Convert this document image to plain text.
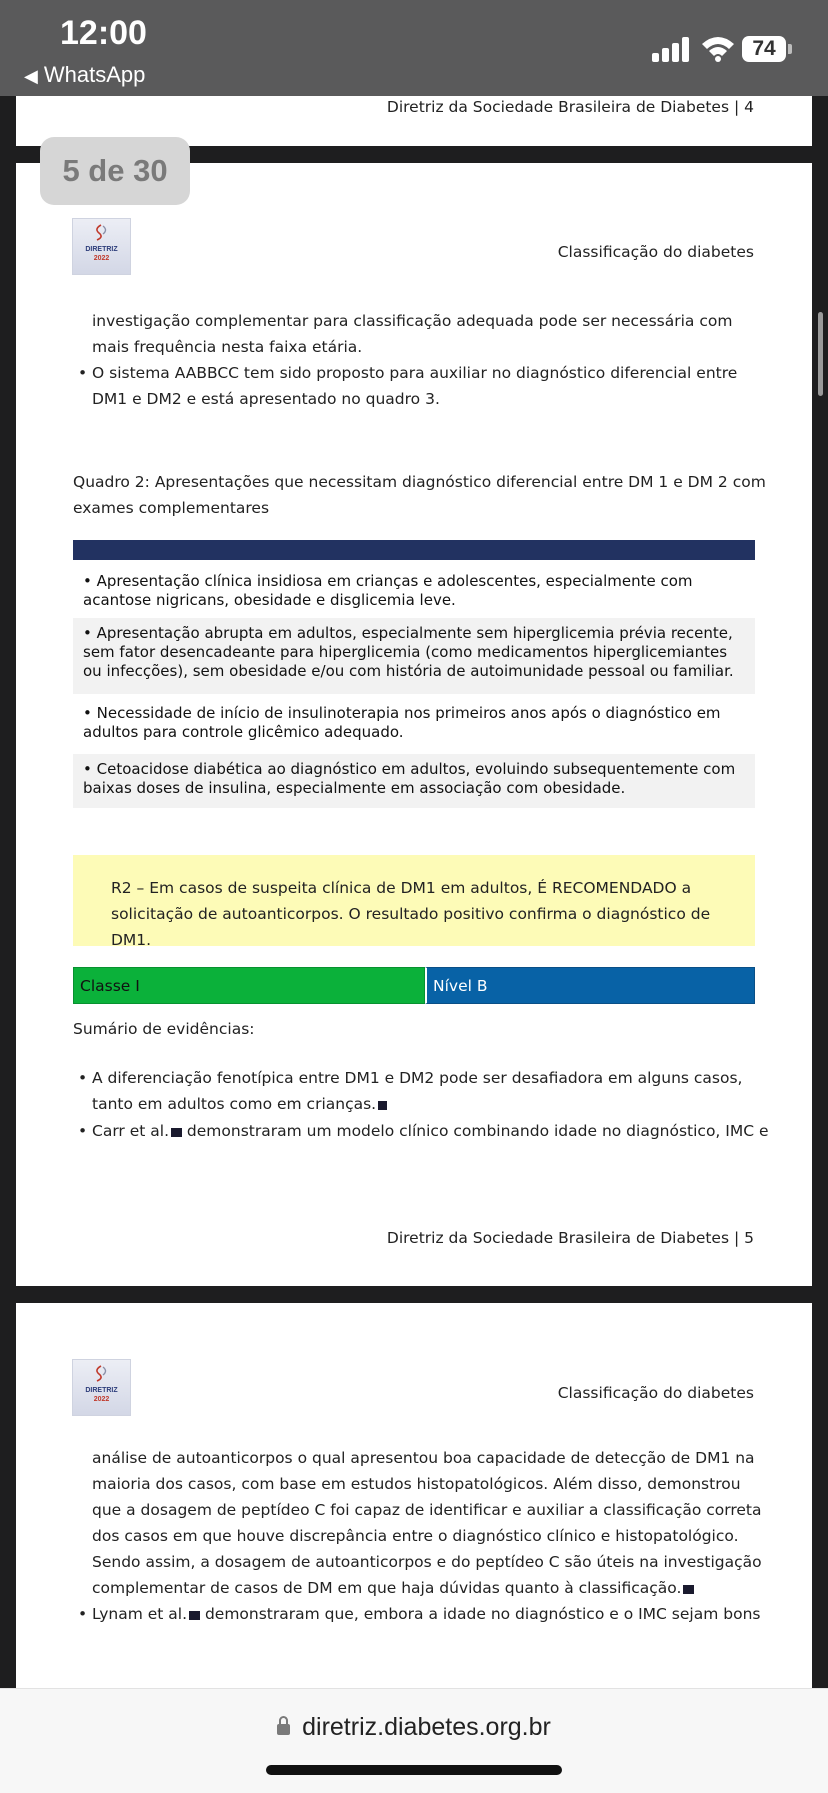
12:00
◀ WhatsApp
74
Diretriz da Sociedade Brasileira de Diabetes | 4
DIRETRIZ
2022	Classificação do diabetes
investigação complementar para classificação adequada pode ser necessária com mais frequência nesta faixa etária.
• O sistema AABBCC tem sido proposto para auxiliar no diagnóstico diferencial entre DM1 e DM2 e está apresentado no quadro 3.
Quadro 2: Apresentações que necessitam diagnóstico diferencial entre DM 1 e DM 2 com exames complementares
• Apresentação clínica insidiosa em crianças e adolescentes, especialmente com acantose nigricans, obesidade e disglicemia leve.
• Apresentação abrupta em adultos, especialmente sem hiperglicemia prévia recente, sem fator desencadeante para hiperglicemia (como medicamentos hiperglicemiantes ou infecções), sem obesidade e/ou com história de autoimunidade pessoal ou familiar.
• Necessidade de início de insulinoterapia nos primeiros anos após o diagnóstico em adultos para controle glicêmico adequado.
• Cetoacidose diabética ao diagnóstico em adultos, evoluindo subsequentemente com baixas doses de insulina, especialmente em associação com obesidade.
R2 – Em casos de suspeita clínica de DM1 em adultos, É RECOMENDADO a solicitação de autoanticorpos. O resultado positivo confirma o diagnóstico de DM1.
Classe I	Nível B
Sumário de evidências:
• A diferenciação fenotípica entre DM1 e DM2 pode ser desafiadora em alguns casos, tanto em adultos como em crianças.
• Carr et al. demonstraram um modelo clínico combinando idade no diagnóstico, IMC e
Diretriz da Sociedade Brasileira de Diabetes | 5
5 de 30
DIRETRIZ
2022	Classificação do diabetes
análise de autoanticorpos o qual apresentou boa capacidade de detecção de DM1 na maioria dos casos, com base em estudos histopatológicos. Além disso, demonstrou que a dosagem de peptídeo C foi capaz de identificar e auxiliar a classificação correta dos casos em que houve discrepância entre o diagnóstico clínico e histopatológico. Sendo assim, a dosagem de autoanticorpos e do peptídeo C são úteis na investigação complementar de casos de DM em que haja dúvidas quanto à classificação.
• Lynam et al. demonstraram que, embora a idade no diagnóstico e o IMC sejam bons
diretriz.diabetes.org.br
